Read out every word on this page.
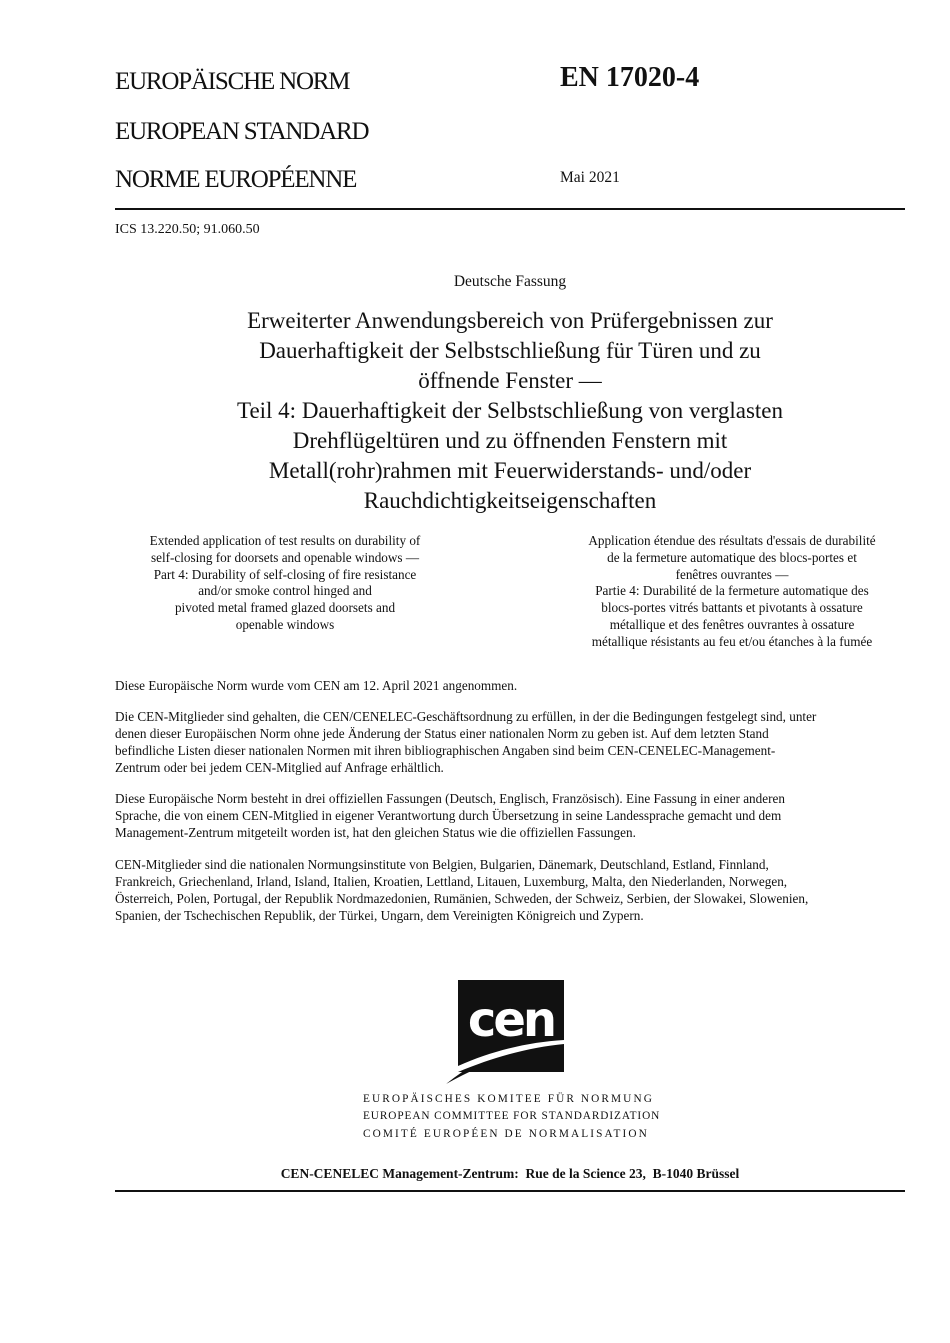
EUROPÄISCHE NORM
EUROPEAN STANDARD
NORME EUROPÉENNE
EN 17020-4
Mai 2021
ICS 13.220.50; 91.060.50
Deutsche Fassung
Erweiterter Anwendungsbereich von Prüfergebnissen zur
Dauerhaftigkeit der Selbstschließung für Türen und zu
öffnende Fenster —
Teil 4: Dauerhaftigkeit der Selbstschließung von verglasten
Drehflügeltüren und zu öffnenden Fenstern mit
Metall(rohr)rahmen mit Feuerwiderstands- und/oder
Rauchdichtigkeitseigenschaften
Extended application of test results on durability of
self-closing for doorsets and openable windows —
Part 4: Durability of self-closing of fire resistance
and/or smoke control hinged and
pivoted metal framed glazed doorsets and
openable windows
Application étendue des résultats d'essais de durabilité
de la fermeture automatique des blocs-portes et
fenêtres ouvrantes —
Partie 4: Durabilité de la fermeture automatique des
blocs-portes vitrés battants et pivotants à ossature
métallique et des fenêtres ouvrantes à ossature
métallique résistants au feu et/ou étanches à la fumée
Diese Europäische Norm wurde vom CEN am 12. April 2021 angenommen.
Die CEN-Mitglieder sind gehalten, die CEN/CENELEC-Geschäftsordnung zu erfüllen, in der die Bedingungen festgelegt sind, unter
denen dieser Europäischen Norm ohne jede Änderung der Status einer nationalen Norm zu geben ist. Auf dem letzten Stand
befindliche Listen dieser nationalen Normen mit ihren bibliographischen Angaben sind beim CEN-CENELEC-Management-
Zentrum oder bei jedem CEN-Mitglied auf Anfrage erhältlich.
Diese Europäische Norm besteht in drei offiziellen Fassungen (Deutsch, Englisch, Französisch). Eine Fassung in einer anderen
Sprache, die von einem CEN-Mitglied in eigener Verantwortung durch Übersetzung in seine Landessprache gemacht und dem
Management-Zentrum mitgeteilt worden ist, hat den gleichen Status wie die offiziellen Fassungen.
CEN-Mitglieder sind die nationalen Normungsinstitute von Belgien, Bulgarien, Dänemark, Deutschland, Estland, Finnland,
Frankreich, Griechenland, Irland, Island, Italien, Kroatien, Lettland, Litauen, Luxemburg, Malta, den Niederlanden, Norwegen,
Österreich, Polen, Portugal, der Republik Nordmazedonien, Rumänien, Schweden, der Schweiz, Serbien, der Slowakei, Slowenien,
Spanien, der Tschechischen Republik, der Türkei, Ungarn, dem Vereinigten Königreich und Zypern.
cen
EUROPÄISCHES KOMITEE FÜR NORMUNG
EUROPEAN COMMITTEE FOR STANDARDIZATION
COMITÉ EUROPÉEN DE NORMALISATION
CEN-CENELEC Management-Zentrum:  Rue de la Science 23,  B-1040 Brüssel
